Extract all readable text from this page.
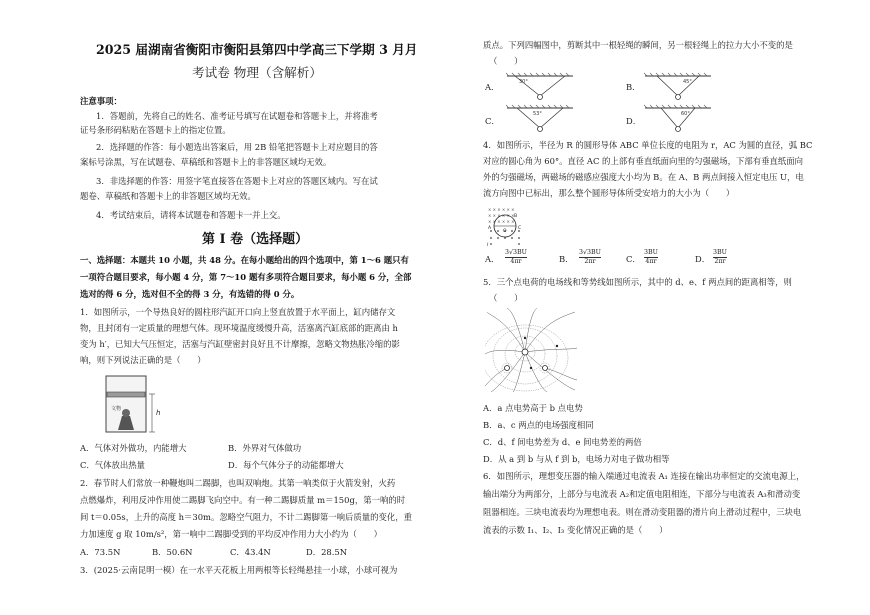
2025 届湖南省衡阳市衡阳县第四中学高三下学期 3 月月
考试卷 物理（含解析）
注意事项：
1．答题前，先将自己的姓名、准考证号填写在试题卷和答题卡上，并将准考
证号条形码粘贴在答题卡上的指定位置。
2．选择题的作答：每小题选出答案后，用 2B 铅笔把答题卡上对应题目的答
案标号涂黑，写在试题卷、草稿纸和答题卡上的非答题区域均无效。
3．非选择题的作答：用签字笔直接答在答题卡上对应的答题区域内。写在试
题卷、草稿纸和答题卡上的非答题区域均无效。
4．考试结束后，请将本试题卷和答题卡一并上交。
第 I 卷（选择题）
一、选择题：本题共 10 小题，共 48 分。在每小题给出的四个选项中，第 1～6 题只有
一项符合题目要求，每小题 4 分，第 7～10 题有多项符合题目要求，每小题 6 分，全部
选对的得 6 分，选对但不全的得 3 分，有选错的得 0 分。
1．如图所示，一个导热良好的圆柱形汽缸开口向上竖直放置于水平面上，缸内储存文
物，且封闭有一定质量的理想气体。现环境温度缓慢升高，活塞离汽缸底部的距离由 h
变为 h′，已知大气压恒定，活塞与汽缸壁密封良好且不计摩擦，忽略文物热胀冷缩的影
响，则下列说法正确的是（　　）
h
文物
A．气体对外做功，内能增大	B．外界对气体做功
C．气体放出热量	D．每个气体分子的动能都增大
2．春节时人们常放一种鞭炮叫二踢脚，也叫双响炮。其第一响类似于火箭发射，火药
点燃爆炸，利用反冲作用使二踢脚飞向空中。有一种二踢脚质量 m＝150g，第一响的时
间 t＝0.05s，上升的高度 h＝30m。忽略空气阻力，不计二踢脚第一响后质量的变化，重
力加速度 g 取 10m/s²，第一响中二踢脚受到的平均反冲作用力大小约为（　　）
A．73.5N	B．50.6N	C．43.4N	D．28.5N
3．(2025·云南昆明一模）在一水平天花板上用两根等长轻绳悬挂一小球，小球可视为
质点。下列四幅图中，剪断其中一根轻绳的瞬间，另一根轻绳上的拉力大小不变的是
（　　）
A．	30°	B．	45°
C．
53°
D．
60°
4．如图所示，半径为 R 的圆形导体 ABC 单位长度的电阻为 r，AC 为圆的直径，弧 BC
对应的圆心角为 60°。直径 AC 的上部有垂直纸面向里的匀强磁场，下部有垂直纸面向
外的匀强磁场，两磁场的磁感应强度大小均为 B。在 A、B 两点间接入恒定电压 U，电
流方向图中已标出，那么整个圆形导体所受安培力的大小为（　　）
× × × × × ×
× × × × × ×
× × × × × ×
A	C
O
B
I
A．
3√3BU
4πr	B．
3√3BU
2πr	C．
3BU
4πr	D．
3BU
2πr
5．三个点电荷的电场线和等势线如图所示，其中的 d、e、f 两点间的距离相等，则
（　　）
A．a 点电势高于 b 点电势
B．a、c 两点的电场强度相同
C．d、f 间电势差为 d、e 间电势差的两倍
D．从 a 到 b 与从 f 到 b，电场力对电子做功相等
6．如图所示，理想变压器的输入端通过电流表 A₁ 连接在输出功率恒定的交流电源上，
输出端分为两部分，上部分与电流表 A₂和定值电阻相连，下部分与电流表 A₃和滑动变
阻器相连。三块电流表均为理想电表。则在滑动变阻器的滑片向上滑动过程中，三块电
流表的示数 I₁、I₂、I₃ 变化情况正确的是（　　）
